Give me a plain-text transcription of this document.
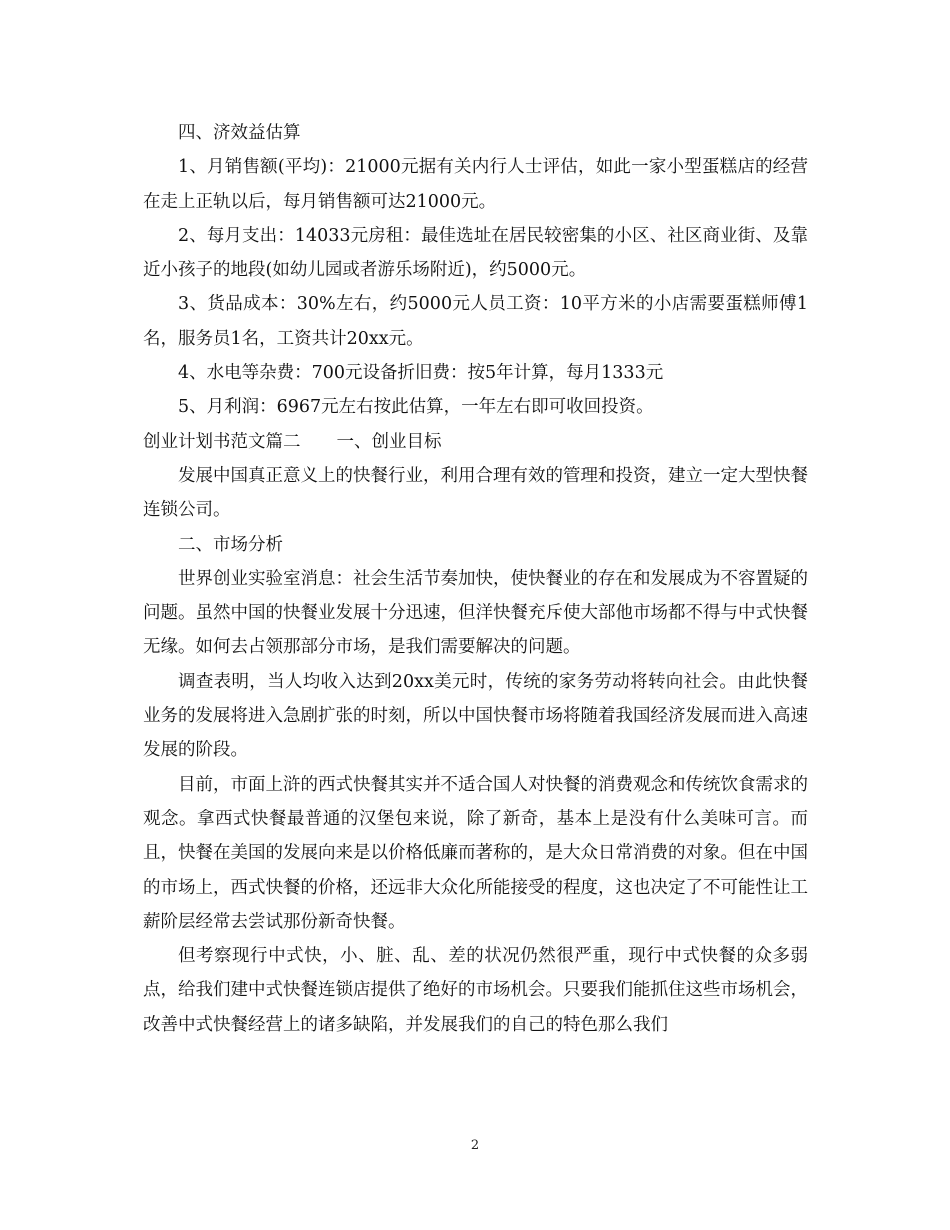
四、济效益估算

1、月销售额(平均)：21000元据有关内行人士评估，如此一家小型蛋糕店的经营在走上正轨以后，每月销售额可达21000元。

2、每月支出：14033元房租：最佳选址在居民较密集的小区、社区商业街、及靠近小孩子的地段(如幼儿园或者游乐场附近)，约5000元。

3、货品成本：30%左右，约5000元人员工资：10平方米的小店需要蛋糕师傅1名，服务员1名，工资共计20xx元。

4、水电等杂费：700元设备折旧费：按5年计算，每月1333元

5、月利润：6967元左右按此估算，一年左右即可收回投资。

创业计划书范文篇二 一、创业目标

发展中国真正意义上的快餐行业，利用合理有效的管理和投资，建立一定大型快餐连锁公司。

二、市场分析

世界创业实验室消息：社会生活节奏加快，使快餐业的存在和发展成为不容置疑的问题。虽然中国的快餐业发展十分迅速，但洋快餐充斥使大部他市场都不得与中式快餐无缘。如何去占领那部分市场，是我们需要解决的问题。

调查表明，当人均收入达到20xx美元时，传统的家务劳动将转向社会。由此快餐业务的发展将进入急剧扩张的时刻，所以中国快餐市场将随着我国经济发展而进入高速发展的阶段。

目前，市面上浒的西式快餐其实并不适合国人对快餐的消费观念和传统饮食需求的观念。拿西式快餐最普通的汉堡包来说，除了新奇，基本上是没有什么美味可言。而且，快餐在美国的发展向来是以价格低廉而著称的，是大众日常消费的对象。但在中国的市场上，西式快餐的价格，还远非大众化所能接受的程度，这也决定了不可能性让工薪阶层经常去尝试那份新奇快餐。

但考察现行中式快，小、脏、乱、差的状况仍然很严重，现行中式快餐的众多弱点，给我们建中式快餐连锁店提供了绝好的市场机会。只要我们能抓住这些市场机会，改善中式快餐经营上的诸多缺陷，并发展我们的自己的特色那么我们

2
